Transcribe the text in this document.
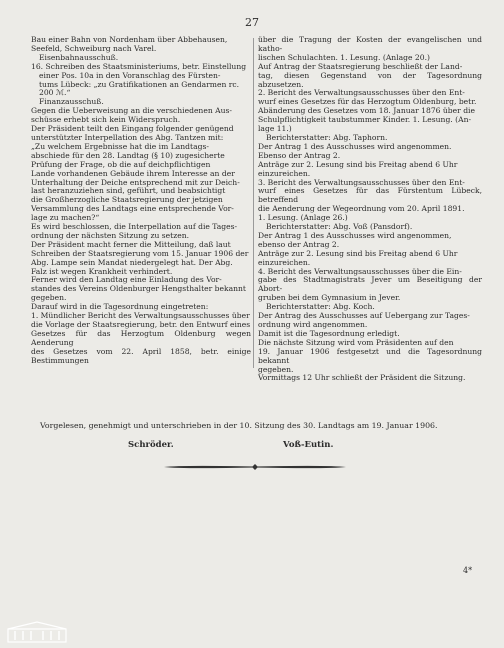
27

Bau einer Bahn von Nordenham über Abbehausen,

Seefeld, Schweiburg nach Varel.

Eisenbahnausschuß.

16. Schreiben des Staatsministeriums, betr. Einstellung

einer Pos. 10a in den Voranschlag des Fürsten-

tums Lübeck: „zu Gratifikationen an Gendarmen rc.

200 ℳ.“

Finanzausschuß.

Gegen die Ueberweisung an die verschiedenen Aus-

schüsse erhebt sich kein Widerspruch.

Der Präsident teilt den Eingang folgender genügend

unterstützter Interpellation des Abg. Tantzen mit:

„Zu welchem Ergebnisse hat die im Landtags-

abschiede für den 28. Landtag (§ 10) zugesicherte

Prüfung der Frage, ob die auf deichpflichtigen

Lande vorhandenen Gebäude ihrem Interesse an der

Unterhaltung der Deiche entsprechend mit zur Deich-

last heranzuziehen sind, geführt, und beabsichtigt

die Großherzogliche Staatsregierung der jetzigen

Versammlung des Landtags eine entsprechende Vor-

lage zu machen?“

Es wird beschlossen, die Interpellation auf die Tages-

ordnung der nächsten Sitzung zu setzen.

Der Präsident macht ferner die Mitteilung, daß laut

Schreiben der Staatsregierung vom 15. Januar 1906 der

Abg. Lampe sein Mandat niedergelegt hat. Der Abg.

Falz ist wegen Krankheit verhindert.

Ferner wird den Landtag eine Einladung des Vor-

standes des Vereins Oldenburger Hengsthalter bekannt

gegeben.

Darauf wird in die Tagesordnung eingetreten:

1. Mündlicher Bericht des Verwaltungsausschusses über

die Vorlage der Staatsregierung, betr. den Entwurf eines

Gesetzes für das Herzogtum Oldenburg wegen Aenderung

des Gesetzes vom 22. April 1858, betr. einige Bestimmungen

über die Tragung der Kosten der evangelischen und katho-

lischen Schulachten. 1. Lesung. (Anlage 20.)

Auf Antrag der Staatsregierung beschließt der Land-

tag, diesen Gegenstand von der Tagesordnung abzusetzen.

2. Bericht des Verwaltungsausschusses über den Ent-

wurf eines Gesetzes für das Herzogtum Oldenburg, betr.

Abänderung des Gesetzes vom 18. Januar 1876 über die

Schulpflichtigkeit taubstummer Kinder. 1. Lesung. (An-

lage 11.)

Berichterstatter: Abg. Taphorn.

Der Antrag 1 des Ausschusses wird angenommen.

Ebenso der Antrag 2.

Anträge zur 2. Lesung sind bis Freitag abend 6 Uhr

einzureichen.

3. Bericht des Verwaltungsausschusses über den Ent-

wurf eines Gesetzes für das Fürstentum Lübeck, betreffend

die Aenderung der Wegeordnung vom 20. April 1891.

1. Lesung. (Anlage 26.)

Berichterstatter: Abg. Voß (Pansdorf).

Der Antrag 1 des Ausschusses wird angenommen,

ebenso der Antrag 2.

Anträge zur 2. Lesung sind bis Freitag abend 6 Uhr

einzureichen.

4. Bericht des Verwaltungsausschusses über die Ein-

gabe des Stadtmagistrats Jever um Beseitigung der Abort-

gruben bei dem Gymnasium in Jever.

Berichterstatter: Abg. Koch.

Der Antrag des Ausschusses auf Uebergang zur Tages-

ordnung wird angenommen.

Damit ist die Tagesordnung erledigt.

Die nächste Sitzung wird vom Präsidenten auf den

19. Januar 1906 festgesetzt und die Tagesordnung bekannt

gegeben.

Vormittags 12 Uhr schließt der Präsident die Sitzung.

Vorgelesen, genehmigt und unterschrieben in der 10. Sitzung des 30. Landtags am 19. Januar 1906.
Schröder.	Voß-Eutin.
4*
